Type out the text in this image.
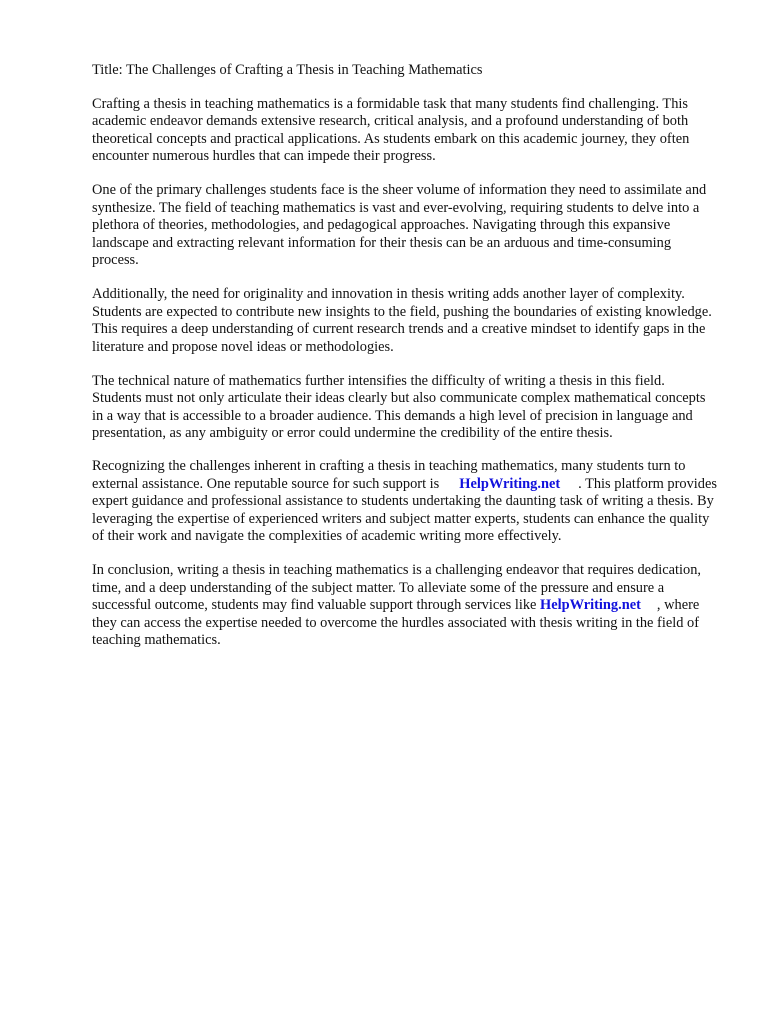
Title: The Challenges of Crafting a Thesis in Teaching Mathematics

Crafting a thesis in teaching mathematics is a formidable task that many students find challenging. This academic endeavor demands extensive research, critical analysis, and a profound understanding of both theoretical concepts and practical applications. As students embark on this academic journey, they often encounter numerous hurdles that can impede their progress.

One of the primary challenges students face is the sheer volume of information they need to assimilate and synthesize. The field of teaching mathematics is vast and ever-evolving, requiring students to delve into a plethora of theories, methodologies, and pedagogical approaches. Navigating through this expansive landscape and extracting relevant information for their thesis can be an arduous and time-consuming process.

Additionally, the need for originality and innovation in thesis writing adds another layer of complexity. Students are expected to contribute new insights to the field, pushing the boundaries of existing knowledge. This requires a deep understanding of current research trends and a creative mindset to identify gaps in the literature and propose novel ideas or methodologies.

The technical nature of mathematics further intensifies the difficulty of writing a thesis in this field. Students must not only articulate their ideas clearly but also communicate complex mathematical concepts in a way that is accessible to a broader audience. This demands a high level of precision in language and presentation, as any ambiguity or error could undermine the credibility of the entire thesis.

Recognizing the challenges inherent in crafting a thesis in teaching mathematics, many students turn to external assistance. One reputable source for such support is HelpWriting.net . This platform provides expert guidance and professional assistance to students undertaking the daunting task of writing a thesis. By leveraging the expertise of experienced writers and subject matter experts, students can enhance the quality of their work and navigate the complexities of academic writing more effectively.

In conclusion, writing a thesis in teaching mathematics is a challenging endeavor that requires dedication, time, and a deep understanding of the subject matter. To alleviate some of the pressure and ensure a successful outcome, students may find valuable support through services like HelpWriting.net , where they can access the expertise needed to overcome the hurdles associated with thesis writing in the field of teaching mathematics.
